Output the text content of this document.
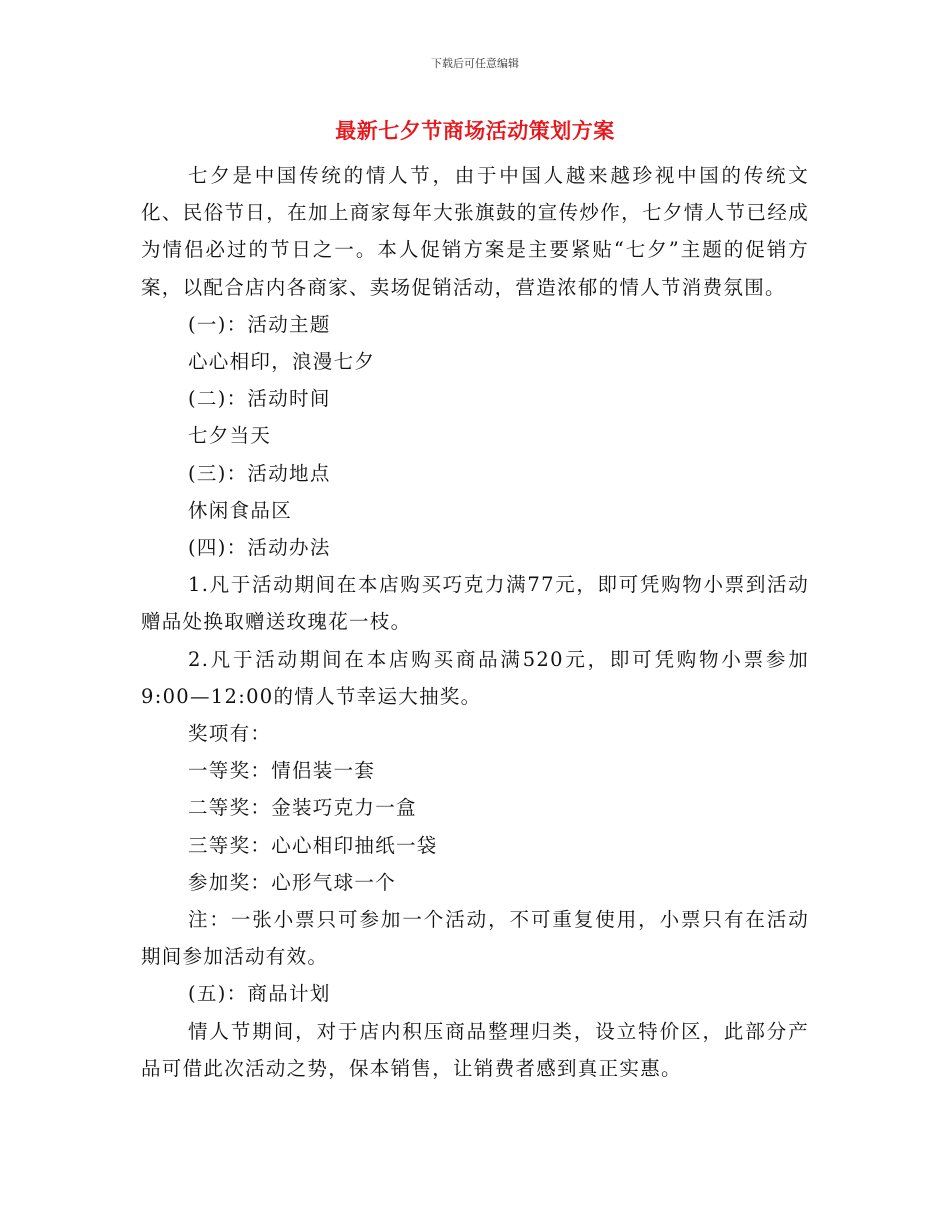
下载后可任意编辑
最新七夕节商场活动策划方案

七夕是中国传统的情人节，由于中国人越来越珍视中国的传统文化、民俗节日，在加上商家每年大张旗鼓的宣传炒作，七夕情人节已经成为情侣必过的节日之一。本人促销方案是主要紧贴“七夕”主题的促销方案，以配合店内各商家、卖场促销活动，营造浓郁的情人节消费氛围。

(一)：活动主题

心心相印，浪漫七夕

(二)：活动时间

七夕当天

(三)：活动地点

休闲食品区

(四)：活动办法

1.凡于活动期间在本店购买巧克力满77元，即可凭购物小票到活动赠品处换取赠送玫瑰花一枝。

2.凡于活动期间在本店购买商品满520元，即可凭购物小票参加9:00—12:00的情人节幸运大抽奖。

奖项有：

一等奖：情侣装一套

二等奖：金装巧克力一盒

三等奖：心心相印抽纸一袋

参加奖：心形气球一个

注：一张小票只可参加一个活动，不可重复使用，小票只有在活动期间参加活动有效。

(五)：商品计划

情人节期间，对于店内积压商品整理归类，设立特价区，此部分产品可借此次活动之势，保本销售，让销费者感到真正实惠。
